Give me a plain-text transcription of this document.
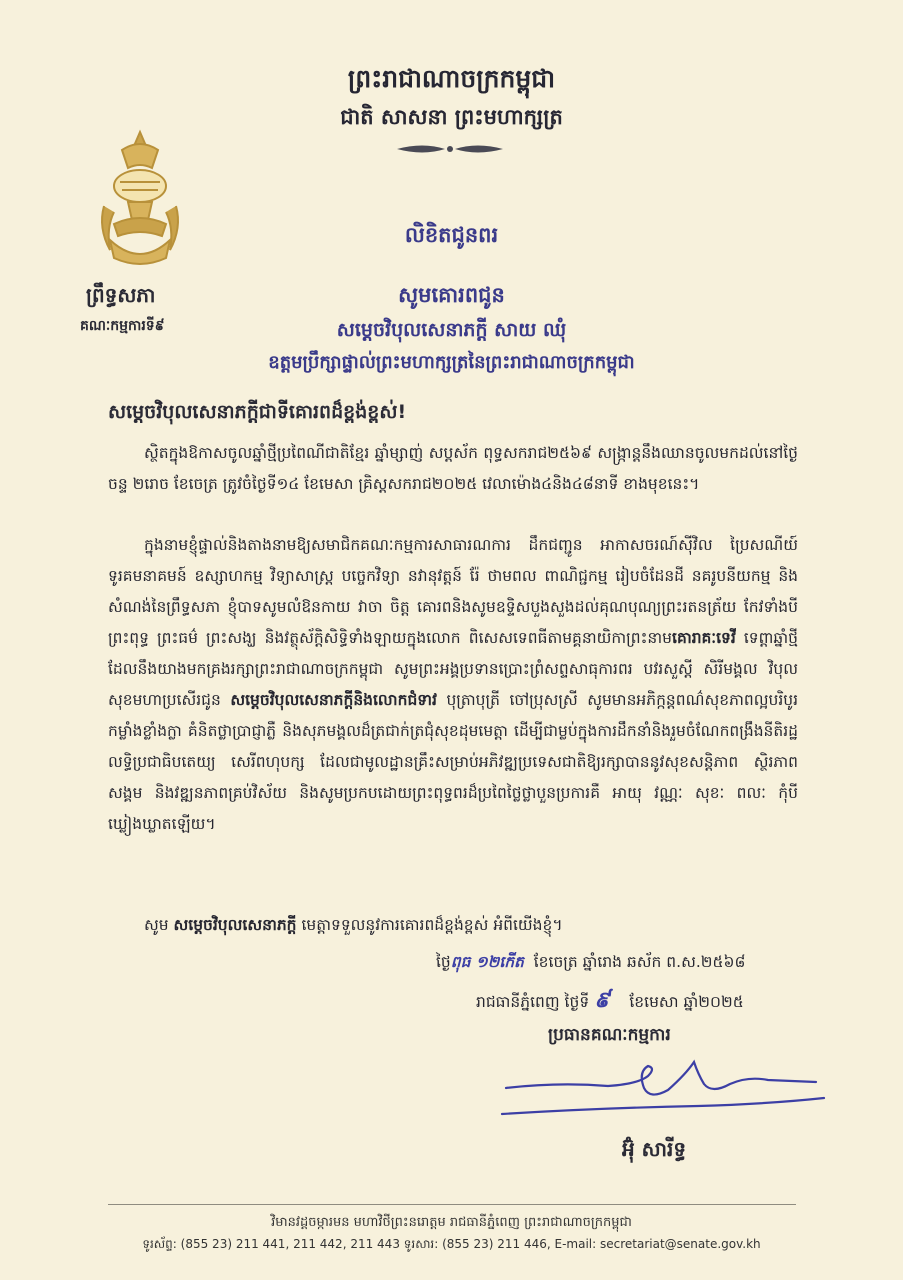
ព្រះរាជាណាចក្រកម្ពុជា
ជាតិ សាសនា ព្រះមហាក្សត្រ
ព្រឹទ្ធសភា
គណៈកម្មការទី៩
លិខិតជូនពរ
សូមគោរពជូន
សម្តេចវិបុលសេនាភក្តី សាយ ឈុំ
ឧត្តមប្រឹក្សាផ្ទាល់ព្រះមហាក្សត្រនៃព្រះរាជាណាចក្រកម្ពុជា
សម្តេចវិបុលសេនាភក្តីជាទីគោរពដ៏ខ្ពង់ខ្ពស់!
ស្ថិតក្នុងឱកាសចូលឆ្នាំថ្មីប្រពៃណីជាតិខ្មែរ ឆ្នាំម្សាញ់ សប្តស័ក ពុទ្ធសករាជ២៥៦៩ សង្ក្រាន្តនឹងឈានចូលមកដល់នៅថ្ងៃចន្ទ ២រោច ខែចេត្រ ត្រូវចំថ្ងៃទី១៤ ខែមេសា គ្រិស្តសករាជ២០២៥ វេលាម៉ោង៤និង៤៨នាទី ខាងមុខនេះ។
ក្នុងនាមខ្ញុំផ្ទាល់និងតាងនាមឱ្យសមាជិកគណៈកម្មការសាធារណការ ដឹកជញ្ជូន អាកាសចរណ៍ស៊ីវិល ប្រៃសណីយ៍ ទូរគមនាគមន៍ ឧស្សាហកម្ម វិទ្យាសាស្ត្រ បច្ចេកវិទ្យា នវានុវត្តន៍ រ៉ែ ថាមពល ពាណិជ្ជកម្ម រៀបចំដែនដី នគរូបនីយកម្ម និងសំណង់នៃព្រឹទ្ធសភា ខ្ញុំបាទសូមលំឱនកាយ វាចា ចិត្ត គោរពនិងសូមឧទ្ទិសបួងសួងដល់គុណបុណ្យព្រះរតនត្រ័យ កែវទាំងបី ព្រះពុទ្ធ ព្រះធម៌ ព្រះសង្ឃ និងវត្ថុស័ក្តិសិទ្ធិទាំងឡាយក្នុងលោក ពិសេសទេពធីតាមគ្គនាយិកាព្រះនាមគោរាគៈទេវី ទេព្តាឆ្នាំថ្មីដែលនឹងយាងមកគ្រងរក្សាព្រះរាជាណាចក្រកម្ពុជា សូមព្រះអង្គប្រទានប្រោះព្រំសព្ទសាធុការពរ បវរសួស្តី សិរីមង្គល វិបុលសុខមហាប្រសើរជូន សម្តេចវិបុលសេនាភក្តីនិងលោកជំទាវ បុត្រាបុត្រី ចៅប្រុសស្រី សូមមានអភិក្កន្តពណ៌សុខភាពល្អបរិបូរ កម្លាំងខ្លាំងក្លា គំនិតថ្លាប្រាជ្ញាភ្លឺ និងសុភមង្គលដ៏ត្រជាក់ត្រជុំសុខដុមមេត្តា ដើម្បីជាម្លប់ក្នុងការដឹកនាំនិងរួមចំណែកពង្រឹងនីតិរដ្ឋ លទ្ធិប្រជាធិបតេយ្យ សេរីពហុបក្ស ដែលជាមូលដ្ឋានគ្រឹះសម្រាប់អភិវឌ្ឍប្រទេសជាតិឱ្យរក្សាបាននូវសុខសន្តិភាព ស្ថិរភាពសង្គម និងវឌ្ឍនភាពគ្រប់វិស័យ និងសូមប្រកបដោយព្រះពុទ្ធពរដ៏ប្រពៃថ្លៃថ្លាបួនប្រការគឺ អាយុ វណ្ណៈ សុខៈ ពលៈ កុំបីឃ្លៀងឃ្លាតឡើយ។
សូម សម្តេចវិបុលសេនាភក្តី មេត្តាទទួលនូវការគោរពដ៏ខ្ពង់ខ្ពស់ អំពីយើងខ្ញុំ។
ថ្ងៃពុធ ១២កើត ខែចេត្រ ឆ្នាំរោង ឆស័ក ព.ស.២៥៦៨
រាជធានីភ្នំពេញ ថ្ងៃទី ៩ ខែមេសា ឆ្នាំ២០២៥
ប្រធានគណៈកម្មការ
អ៊ុំ សារីទ្ធ
វិមានវដ្តចម្ការមន មហាវិថីព្រះនរោត្តម រាជធានីភ្នំពេញ ព្រះរាជាណាចក្រកម្ពុជា
ទូរស័ព្ទ: (855 23) 211 441, 211 442, 211 443 ទូរសារ: (855 23) 211 446, E-mail: secretariat@senate.gov.kh
